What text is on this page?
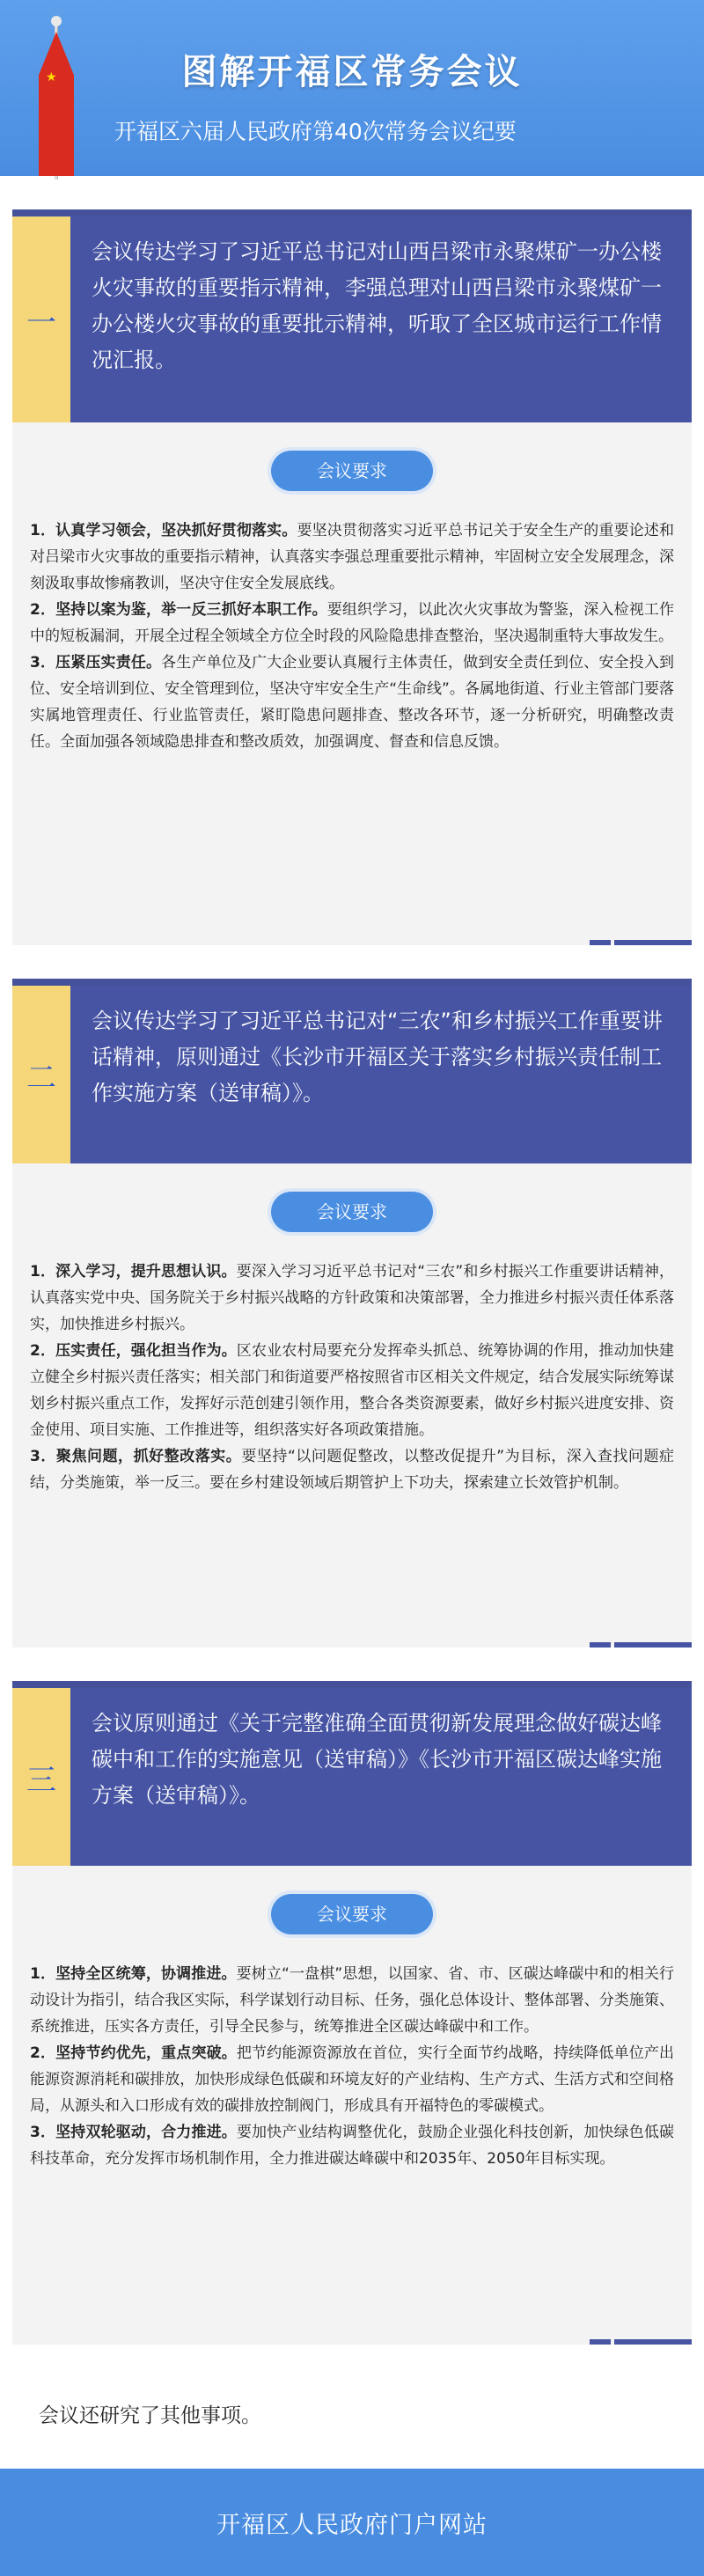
★	图解开福区常务会议
开福区六届人民政府第40次常务会议纪要
一
会议传达学习了习近平总书记对山西吕梁市永聚煤矿一办公楼火灾事故的重要指示精神，李强总理对山西吕梁市永聚煤矿一办公楼火灾事故的重要批示精神，听取了全区城市运行工作情况汇报。
会议要求

1．认真学习领会，坚决抓好贯彻落实。要坚决贯彻落实习近平总书记关于安全生产的重要论述和对吕梁市火灾事故的重要指示精神，认真落实李强总理重要批示精神，牢固树立安全发展理念，深刻汲取事故惨痛教训，坚决守住安全发展底线。

2．坚持以案为鉴，举一反三抓好本职工作。要组织学习，以此次火灾事故为警鉴，深入检视工作中的短板漏洞，开展全过程全领域全方位全时段的风险隐患排查整治，坚决遏制重特大事故发生。

3．压紧压实责任。各生产单位及广大企业要认真履行主体责任，做到安全责任到位、安全投入到位、安全培训到位、安全管理到位，坚决守牢安全生产“生命线”。各属地街道、行业主管部门要落实属地管理责任、行业监管责任，紧盯隐患问题排查、整改各环节，逐一分析研究，明确整改责任。全面加强各领域隐患排查和整改质效，加强调度、督查和信息反馈。

二
会议传达学习了习近平总书记对“三农”和乡村振兴工作重要讲话精神，原则通过《长沙市开福区关于落实乡村振兴责任制工作实施方案（送审稿）》。
会议要求

1．深入学习，提升思想认识。要深入学习习近平总书记对“三农”和乡村振兴工作重要讲话精神，认真落实党中央、国务院关于乡村振兴战略的方针政策和决策部署，全力推进乡村振兴责任体系落实，加快推进乡村振兴。

2．压实责任，强化担当作为。区农业农村局要充分发挥牵头抓总、统筹协调的作用，推动加快建立健全乡村振兴责任落实；相关部门和街道要严格按照省市区相关文件规定，结合发展实际统筹谋划乡村振兴重点工作，发挥好示范创建引领作用，整合各类资源要素，做好乡村振兴进度安排、资金使用、项目实施、工作推进等，组织落实好各项政策措施。

3．聚焦问题，抓好整改落实。要坚持“以问题促整改，以整改促提升”为目标，深入查找问题症结，分类施策，举一反三。要在乡村建设领域后期管护上下功夫，探索建立长效管护机制。

三
会议原则通过《关于完整准确全面贯彻新发展理念做好碳达峰碳中和工作的实施意见（送审稿）》《长沙市开福区碳达峰实施方案（送审稿）》。
会议要求

1．坚持全区统筹，协调推进。要树立“一盘棋”思想，以国家、省、市、区碳达峰碳中和的相关行动设计为指引，结合我区实际，科学谋划行动目标、任务，强化总体设计、整体部署、分类施策、系统推进，压实各方责任，引导全民参与，统筹推进全区碳达峰碳中和工作。

2．坚持节约优先，重点突破。把节约能源资源放在首位，实行全面节约战略，持续降低单位产出能源资源消耗和碳排放，加快形成绿色低碳和环境友好的产业结构、生产方式、生活方式和空间格局，从源头和入口形成有效的碳排放控制阀门，形成具有开福特色的零碳模式。

3．坚持双轮驱动，合力推进。要加快产业结构调整优化，鼓励企业强化科技创新，加快绿色低碳科技革命，充分发挥市场机制作用，全力推进碳达峰碳中和2035年、2050年目标实现。

会议还研究了其他事项。
开福区人民政府门户网站
